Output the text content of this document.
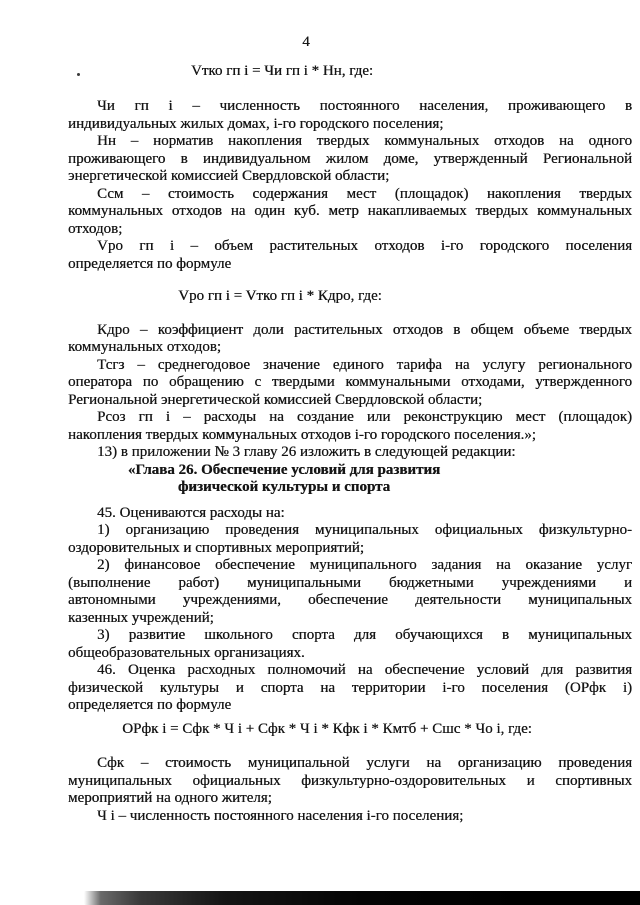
4
Vтко гп i = Чи гп i * Нн, где:
Чи гп i – численность постоянного населения, проживающего в
индивидуальных жилых домах, i-го городского поселения;
Нн – норматив накопления твердых коммунальных отходов на одного
проживающего в индивидуальном жилом доме, утвержденный Региональной
энергетической комиссией Свердловской области;
Ссм – стоимость содержания мест (площадок) накопления твердых
коммунальных отходов на один куб. метр накапливаемых твердых коммунальных
отходов;
Vро гп i – объем растительных отходов i-го городского поселения
определяется по формуле
Vро гп i = Vтко гп i * Кдро, где:
Кдро – коэффициент доли растительных отходов в общем объеме твердых
коммунальных отходов;
Тсгз – среднегодовое значение единого тарифа на услугу регионального
оператора по обращению с твердыми коммунальными отходами, утвержденного
Региональной энергетической комиссией Свердловской области;
Рсоз гп i – расходы на создание или реконструкцию мест (площадок)
накопления твердых коммунальных отходов i-го городского поселения.»;
13) в приложении № 3 главу 26 изложить в следующей редакции:
«Глава 26. Обеспечение условий для развития
физической культуры и спорта
45. Оцениваются расходы на:
1) организацию проведения муниципальных официальных физкультурно-
оздоровительных и спортивных мероприятий;
2) финансовое обеспечение муниципального задания на оказание услуг
(выполнение работ) муниципальными бюджетными учреждениями и
автономными учреждениями, обеспечение деятельности муниципальных
казенных учреждений;
3) развитие школьного спорта для обучающихся в муниципальных
общеобразовательных организациях.
46. Оценка расходных полномочий на обеспечение условий для развития
физической культуры и спорта на территории i-го поселения (ОРфк i)
определяется по формуле
ОРфк i = Сфк * Ч i + Сфк * Ч i * Кфк i * Кмтб + Сшс * Чо i, где:
Сфк – стоимость муниципальной услуги на организацию проведения
муниципальных официальных физкультурно-оздоровительных и спортивных
мероприятий на одного жителя;
Ч i – численность постоянного населения i-го поселения;
